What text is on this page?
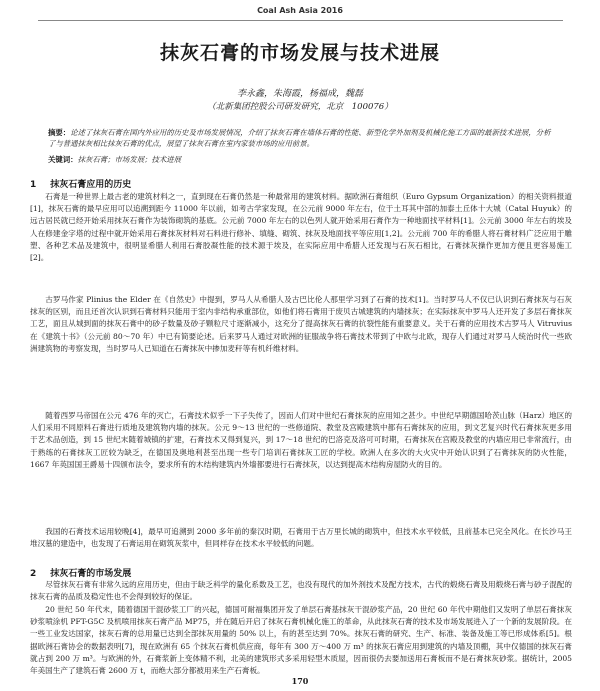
Coal Ash Asia 2016
抹灰石膏的市场发展与技术进展
李永鑫，朱海霞，杨福成，魏磊
（北新集团控股公司研发研究，北京　100076）
摘要：论述了抹灰石膏在国内外应用的历史及市场发展情况，介绍了抹灰石膏在墙体石膏的性能、新型化学外加剂及机械化施工方面的最新技术进展，分析了与普通抹灰相比抹灰石膏的优点，展望了抹灰石膏在室内家装市场的应用前景。
关键词：抹灰石膏；市场发展；技术进展
1 抹灰石膏应用的历史
石膏是一种世界上最古老的建筑材料之一，直到现在石膏仍然是一种最常用的建筑材料。据欧洲石膏组织（Euro Gypsum Organization）的相关资料报道[1]，抹灰石膏的最早应用可以追溯到距今 11000 年以前，如考古学家发现，在公元前 9000 年左右，位于土耳其中部的加泰土丘体十大城（Catal Huyuk）的远古居民就已经开始采用抹灰石膏作为装饰砌筑的基底。公元前 7000 年左右的以色列人就开始采用石膏作为一种地面找平材料[1]。公元前 3000 年左右的埃及人在修建金字塔的过程中就开始采用石膏抹灰材料对石料进行修补、填缝、砌筑、抹灰及地面找平等应用[1,2]。公元前 700 年的希腊人将石膏材料广泛应用于雕塑、各种艺术品及建筑中，很明显希腊人利用石膏胶凝性能的技术源于埃及，在实际应用中希腊人还发现与石灰石相比，石膏抹灰操作更加方便且更容易施工[2]。
古罗马作家 Plinius the Elder 在《自然史》中提到，罗马人从希腊人及古巴比伦人那里学习到了石膏的技术[1]。当时罗马人不仅已认识到石膏抹灰与石灰抹灰的区别，而且还首次认识到石膏材料只能用于室内非结构承重部位，如他们将石膏用于废贝古城建筑的内墙抹灰；在实际抹灰中罗马人还开发了多层石膏抹灰工艺，面且从城到面的抹灰石膏中的砂子数量及砂子颗粒尺寸逐渐减小，这充分了提高抹灰石膏的抗裂性能有重要意义。关于石膏的应用技术古罗马人 Vitruvius 在《建筑十书》（公元前 80～70 年）中已有简要论述。后来罗马人通过对欧洲的征服战争将石膏技术带到了中欧与北欧，现存人们通过对罗马人统治时代一些欧洲建筑物的考察发现，当时罗马人已知道在石膏抹灰中掺加麦秆等有机纤维材料。
随着西罗马帝国在公元 476 年的灭亡，石膏技术似乎一下子失传了，因而人们对中世纪石膏抹灰的应用知之甚少。中世纪早期德国哈茨山脉（Harz）地区的人们采用不同原料石膏进行质地及建筑物内墙的抹灰。公元 9～13 世纪的一些修道院、教堂及宫殿建筑中都有石膏抹灰的应用，到文艺复兴时代石膏抹灰更多用于艺术品创造，到 15 世纪末随着城镇的扩建，石膏技术又得到复兴，到 17～18 世纪的巴洛克及洛可可时期，石膏抹灰在宫殿及教堂的内墙应用已非常流行，由于熟练的石膏抹灰工匠较为缺乏，在德国及奥地利甚至出现一些专门培训石膏抹灰工匠的学校。欧洲人在多次的大火灾中开始认识到了石膏抹灰的防火性能，1667 年英国国王爵易十四颁布法令，要求所有的木结构建筑内外墙都要进行石膏抹灰，以达到提高木结构房屋防火的目的。
我国的石膏技术运用较晚[4]，最早可追溯到 2000 多年前的秦汉时期，石膏用于古万里长城的砌筑中，但技术水平较低，且前基本已完全风化。在长沙马王堆汉墓的建造中，也发现了石膏运用在砌筑灰浆中，但同样存在技术水平较低的问题。
2 抹灰石膏的市场发展
尽管抹灰石膏有非常久远的应用历史，但由于缺乏科学的量化系数及工艺，也没有现代的加外剂技术及配方技术，古代的煅烧石膏及用煅烧石膏与砂子混配的抹灰石膏的品质及稳定性也不会得到较好的保证。
20 世纪 50 年代末，随着德国干混砂浆工厂的兴起，德国可耐福集团开发了单层石膏基抹灰干混砂浆产品，20 世纪 60 年代中期他们又发明了单层石膏抹灰砂浆喷涂机 PFT-G5C 及机喷用抹灰石膏产品 MP75，并在随后开启了抹灰石膏机械化施工的革命，从此抹灰石膏的技术及市场发展进入了一个新的发展阶段。在一些工业发达国家，抹灰石膏的总用量已达到全部抹灰用量的 50% 以上，有的甚至达到 70%。抹灰石膏的研究、生产、标准、装备及施工等已形成体系[5]。根据欧洲石膏协会的数据表明[7]，现在欧洲有 65 个抹灰石膏机供应商，每年有 300 万～400 万 m³ 的抹灰石膏应用到建筑的内墙及顶棚，其中仅德国的抹灰石膏就占到 200 万 m³。与欧洲的外，石膏浆新上变体精不利，北美的建筑形式多采用轻型木质屋，因而很仍去要加送用石膏板而不是石膏抹灰砂浆。据统计，2005 年美国生产了建筑石膏 2600 万 t，而绝大部分都被用来生产石膏板。
170
